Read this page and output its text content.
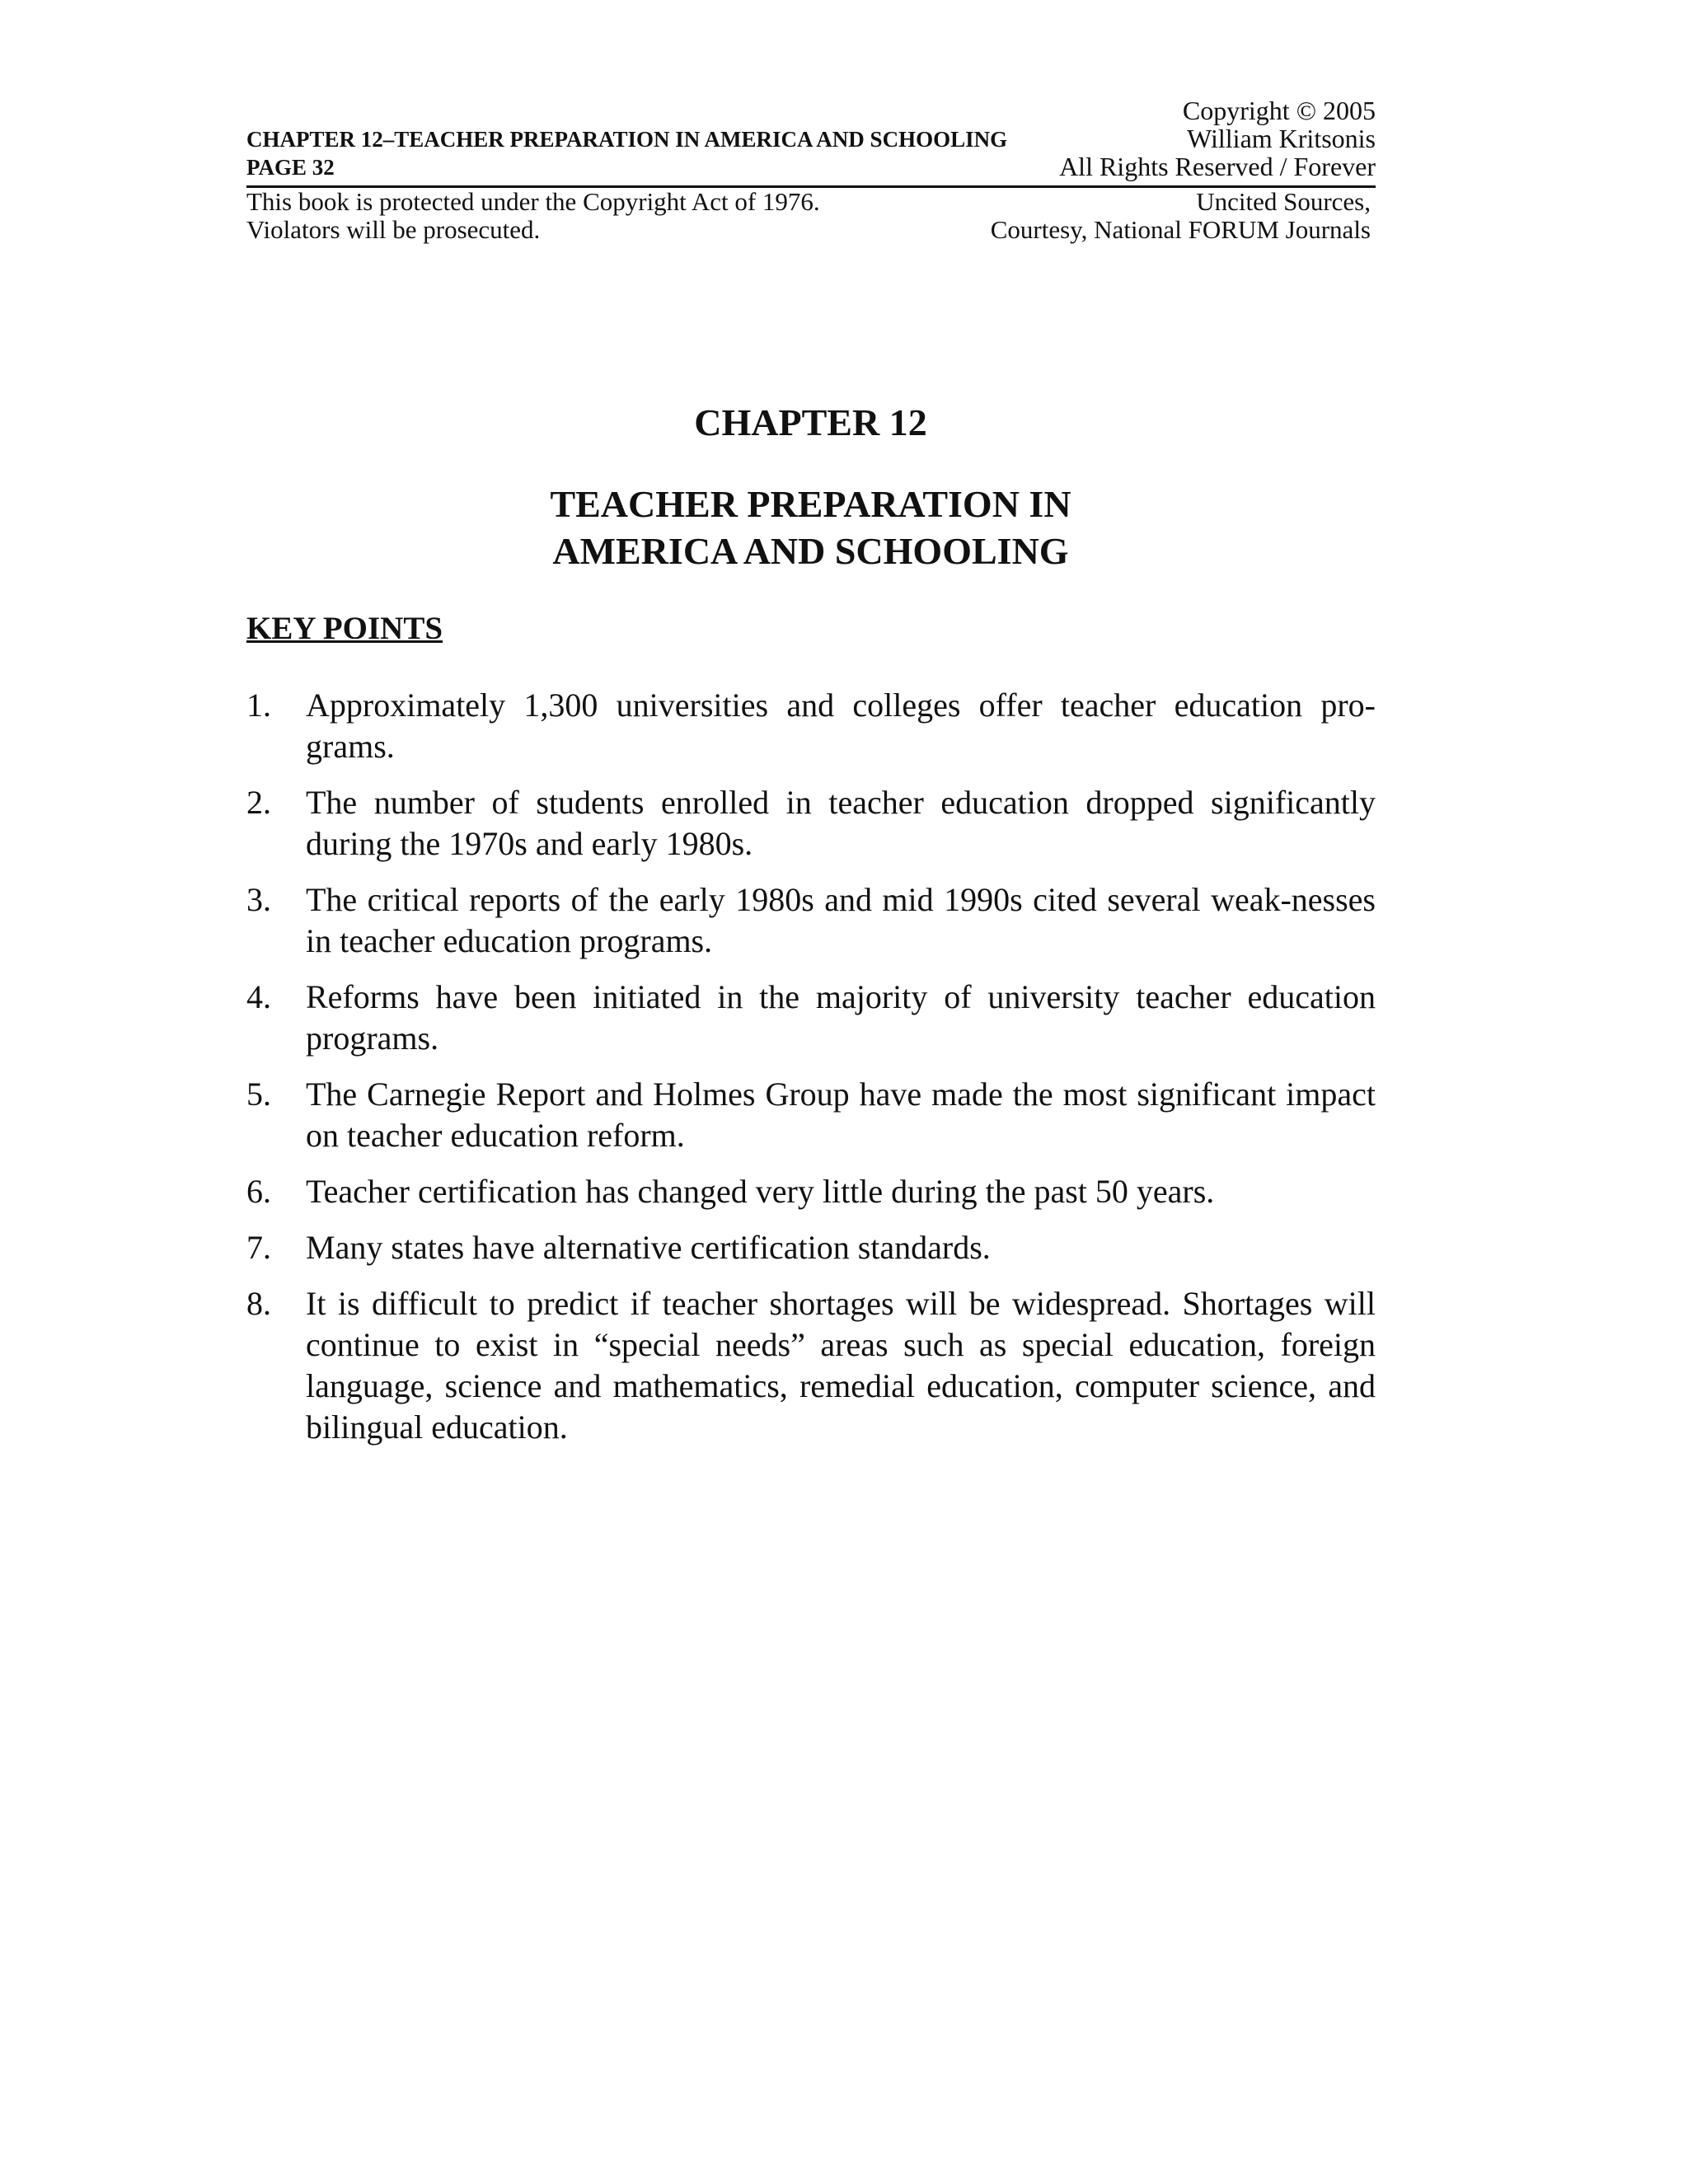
Copyright © 2005
CHAPTER 12–TEACHER PREPARATION IN AMERICA AND SCHOOLING	William Kritsonis
PAGE 32	All Rights Reserved / Forever
This book is protected under the Copyright Act of 1976.	Uncited Sources,
Violators will be prosecuted.	Courtesy, National FORUM Journals
CHAPTER 12
TEACHER PREPARATION IN
AMERICA AND SCHOOLING
KEY POINTS
1. Approximately 1,300 universities and colleges offer teacher education pro-grams.
2. The number of students enrolled in teacher education dropped significantly during the 1970s and early 1980s.
3. The critical reports of the early 1980s and mid 1990s cited several weak-nesses in teacher education programs.
4. Reforms have been initiated in the majority of university teacher education programs.
5. The Carnegie Report and Holmes Group have made the most significant impact on teacher education reform.
6. Teacher certification has changed very little during the past 50 years.
7. Many states have alternative certification standards.
8. It is difficult to predict if teacher shortages will be widespread. Shortages will continue to exist in “special needs” areas such as special education, foreign language, science and mathematics, remedial education, computer science, and bilingual education.
